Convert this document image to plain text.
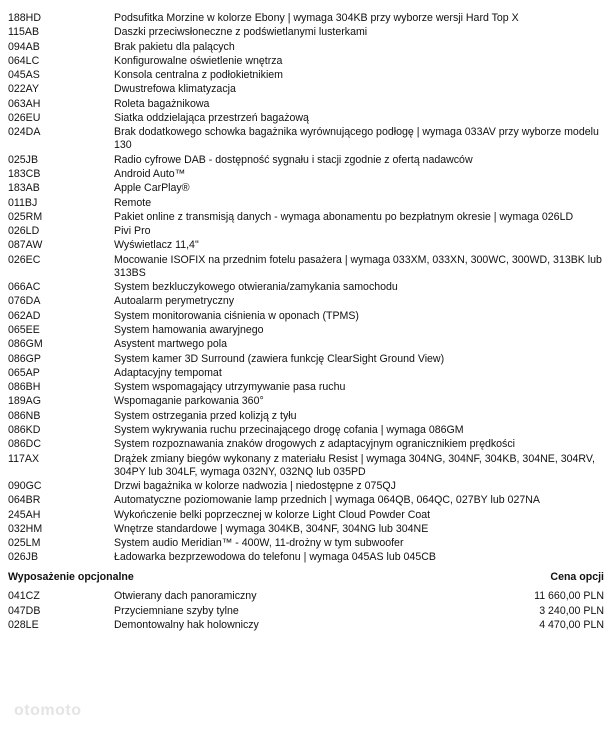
188HD	Podsufitka Morzine w kolorze Ebony | wymaga 304KB przy wyborze wersji Hard Top X
115AB	Daszki przeciwsłoneczne z podświetlanymi lusterkami
094AB	Brak pakietu dla palących
064LC	Konfigurowalne oświetlenie wnętrza
045AS	Konsola centralna z podłokietnikiem
022AY	Dwustrefowa klimatyzacja
063AH	Roleta bagażnikowa
026EU	Siatka oddzielająca przestrzeń bagażową
024DA	Brak dodatkowego schowka bagażnika wyrównującego podłogę | wymaga 033AV przy wyborze modelu 130
025JB	Radio cyfrowe DAB - dostępność sygnału i stacji zgodnie z ofertą nadawców
183CB	Android Auto™
183AB	Apple CarPlay®
011BJ	Remote
025RM	Pakiet online z transmisją danych - wymaga abonamentu po bezpłatnym okresie | wymaga 026LD
026LD	Pivi Pro
087AW	Wyświetlacz 11,4"
026EC	Mocowanie ISOFIX na przednim fotelu pasażera | wymaga 033XM, 033XN, 300WC, 300WD, 313BK lub 313BS
066AC	System bezkluczykowego otwierania/zamykania samochodu
076DA	Autoalarm perymetryczny
062AD	System monitorowania ciśnienia w oponach (TPMS)
065EE	System hamowania awaryjnego
086GM	Asystent martwego pola
086GP	System kamer 3D Surround (zawiera funkcję ClearSight Ground View)
065AP	Adaptacyjny tempomat
086BH	System wspomagający utrzymywanie pasa ruchu
189AG	Wspomaganie parkowania 360°
086NB	System ostrzegania przed kolizją z tyłu
086KD	System wykrywania ruchu przecinającego drogę cofania | wymaga 086GM
086DC	System rozpoznawania znaków drogowych z adaptacyjnym ogranicznikiem prędkości
117AX	Drążek zmiany biegów wykonany z materiału Resist | wymaga 304NG, 304NF, 304KB, 304NE, 304RV, 304PY lub 304LF, wymaga 032NY, 032NQ lub 035PD
090GC	Drzwi bagażnika w kolorze nadwozia | niedostępne z 075QJ
064BR	Automatyczne poziomowanie lamp przednich | wymaga 064QB, 064QC, 027BY lub 027NA
245AH	Wykończenie belki poprzecznej w kolorze Light Cloud Powder Coat
032HM	Wnętrze standardowe | wymaga 304KB, 304NF, 304NG lub 304NE
025LM	System audio Meridian™ - 400W, 11-drożny w tym subwoofer
026JB	Ładowarka bezprzewodowa do telefonu | wymaga 045AS lub 045CB
Wyposażenie opcjonalne	Cena opcji
041CZ	Otwierany dach panoramiczny	11 660,00 PLN
047DB	Przyciemniane szyby tylne	3 240,00 PLN
028LE	Demontowalny hak holowniczy	4 470,00 PLN
otomoto
